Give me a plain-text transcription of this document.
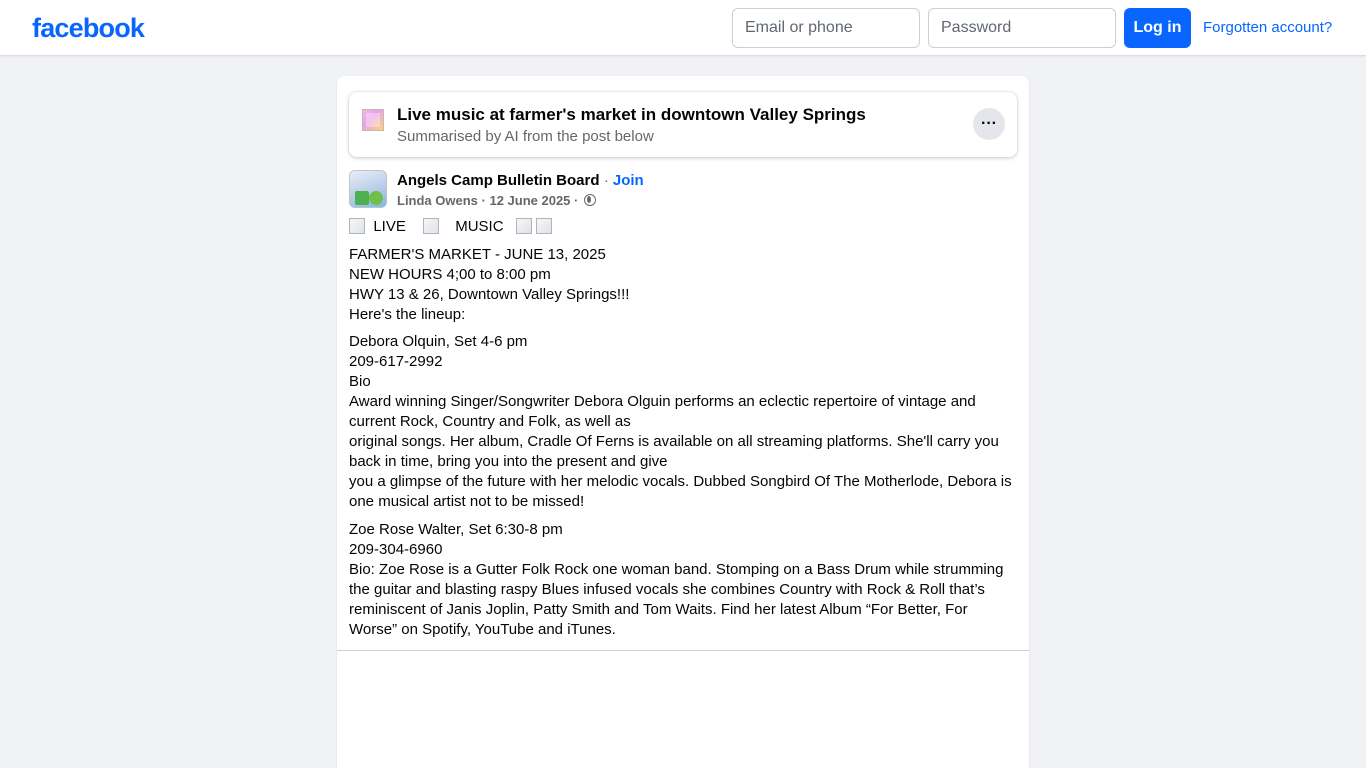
facebook
Email or phone	Log in	Forgotten account?
Live music at farmer's market in downtown Valley Springs
Summarised by AI from the post below
···
Angels Camp Bulletin Board · Join
Linda Owens · 12 June 2025 ·
LIVE	MUSIC
FARMER'S MARKET - JUNE 13, 2025
NEW HOURS 4;00 to 8:00 pm
HWY 13 & 26, Downtown Valley Springs!!!
Here's the lineup:
Debora Olquin, Set 4-6 pm
209-617-2992
Bio
Award winning Singer/Songwriter Debora Olguin performs an eclectic repertoire of vintage and current Rock, Country and Folk, as well as
original songs. Her album, Cradle Of Ferns is available on all streaming platforms. She'll carry you back in time, bring you into the present and give
you a glimpse of the future with her melodic vocals. Dubbed Songbird Of The Motherlode, Debora is one musical artist not to be missed!
Zoe Rose Walter, Set 6:30-8 pm
209-304-6960
Bio: Zoe Rose is a Gutter Folk Rock one woman band. Stomping on a Bass Drum while strumming the guitar and blasting raspy Blues infused vocals she combines Country with Rock & Roll that’s reminiscent of Janis Joplin, Patty Smith and Tom Waits. Find her latest Album “For Better, For Worse” on Spotify, YouTube and iTunes.
